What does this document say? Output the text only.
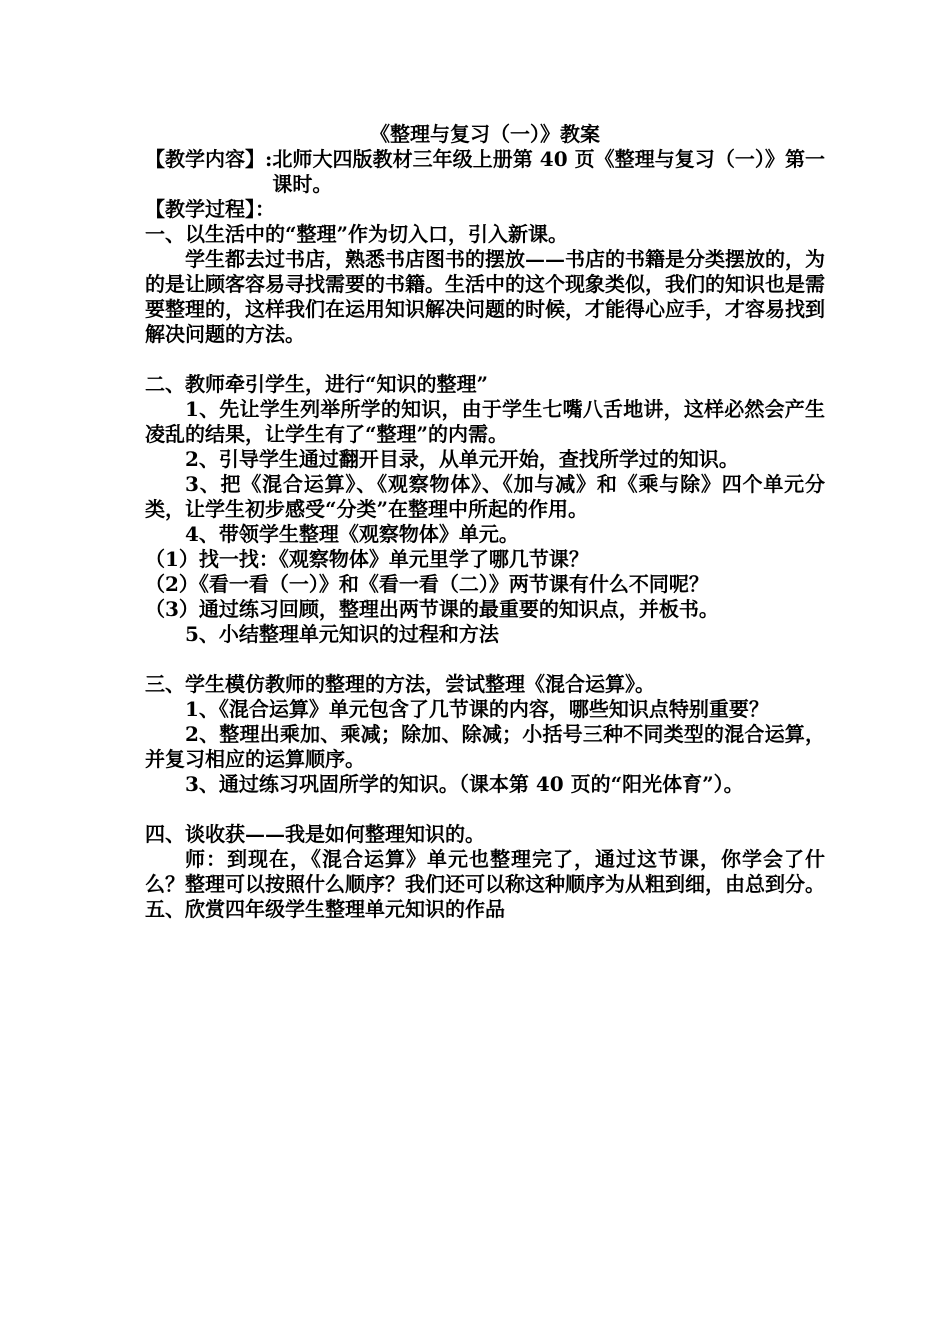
《整理与复习（一）》教案

【教学内容】: 北师大四版教材三年级上册第 40 页《整理与复习（一）》第一课时。

【教学过程】：

一、以生活中的“整理”作为切入口，引入新课。

学生都去过书店，熟悉书店图书的摆放——书店的书籍是分类摆放的，为的是让顾客容易寻找需要的书籍。生活中的这个现象类似，我们的知识也是需要整理的，这样我们在运用知识解决问题的时候，才能得心应手，才容易找到解决问题的方法。

二、教师牵引学生，进行“知识的整理”

1、先让学生列举所学的知识，由于学生七嘴八舌地讲，这样必然会产生凌乱的结果，让学生有了“整理”的内需。

2、引导学生通过翻开目录，从单元开始，查找所学过的知识。

3、把《混合运算》、《观察物体》、《加与减》和《乘与除》四个单元分类，让学生初步感受“分类”在整理中所起的作用。

4、带领学生整理《观察物体》单元。

（1）找一找：《观察物体》单元里学了哪几节课？

（2）《看一看（一）》和《看一看（二）》两节课有什么不同呢？

（3）通过练习回顾，整理出两节课的最重要的知识点，并板书。

5、小结整理单元知识的过程和方法

三、学生模仿教师的整理的方法，尝试整理《混合运算》。

1、《混合运算》单元包含了几节课的内容，哪些知识点特别重要？

2、整理出乘加、乘减；除加、除减；小括号三种不同类型的混合运算，并复习相应的运算顺序。

3、通过练习巩固所学的知识。（课本第 40 页的“阳光体育”）。

四、谈收获——我是如何整理知识的。

师：到现在，《混合运算》单元也整理完了，通过这节课，你学会了什么？整理可以按照什么顺序？我们还可以称这种顺序为从粗到细，由总到分。

五、欣赏四年级学生整理单元知识的作品
